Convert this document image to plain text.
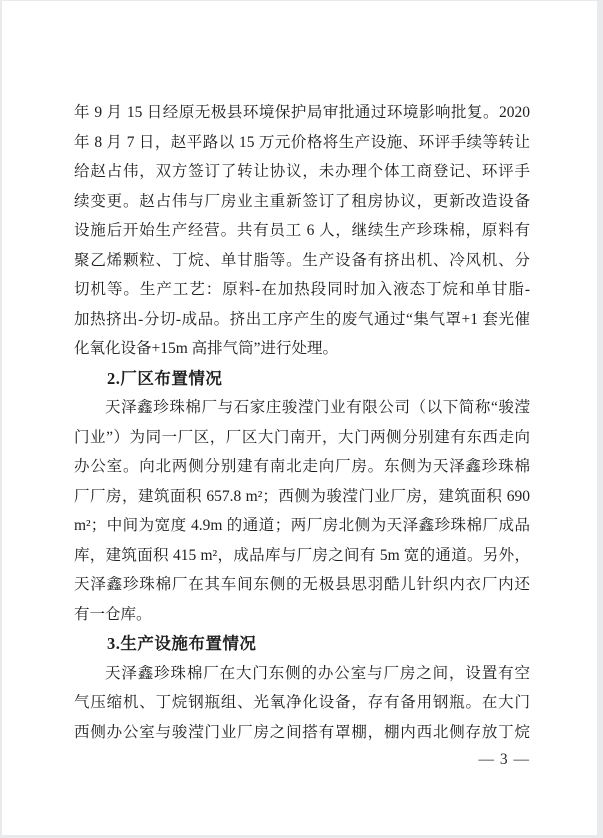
年 9 月 15 日经原无极县环境保护局审批通过环境影响批复。2020
年 8 月 7 日，赵平路以 15 万元价格将生产设施、环评手续等转让
给赵占伟，双方签订了转让协议，未办理个体工商登记、环评手
续变更。赵占伟与厂房业主重新签订了租房协议，更新改造设备
设施后开始生产经营。共有员工 6 人，继续生产珍珠棉，原料有
聚乙烯颗粒、丁烷、单甘脂等。生产设备有挤出机、冷风机、分
切机等。生产工艺：原料-在加热段同时加入液态丁烷和单甘脂-
加热挤出-分切-成品。挤出工序产生的废气通过“集气罩+1 套光催
化氧化设备+15m 高排气筒”进行处理。
2.厂区布置情况
天泽鑫珍珠棉厂与石家庄骏滢门业有限公司（以下简称“骏滢
门业”）为同一厂区，厂区大门南开，大门两侧分别建有东西走向
办公室。向北两侧分别建有南北走向厂房。东侧为天泽鑫珍珠棉
厂厂房，建筑面积 657.8 m²；西侧为骏滢门业厂房，建筑面积 690
m²；中间为宽度 4.9m 的通道；两厂房北侧为天泽鑫珍珠棉厂成品
库，建筑面积 415 m²，成品库与厂房之间有 5m 宽的通道。另外，
天泽鑫珍珠棉厂在其车间东侧的无极县思羽酷儿针织内衣厂内还
有一仓库。
3.生产设施布置情况
天泽鑫珍珠棉厂在大门东侧的办公室与厂房之间，设置有空
气压缩机、丁烷钢瓶组、光氧净化设备，存有备用钢瓶。在大门
西侧办公室与骏滢门业厂房之间搭有罩棚，棚内西北侧存放丁烷
— 3 —
